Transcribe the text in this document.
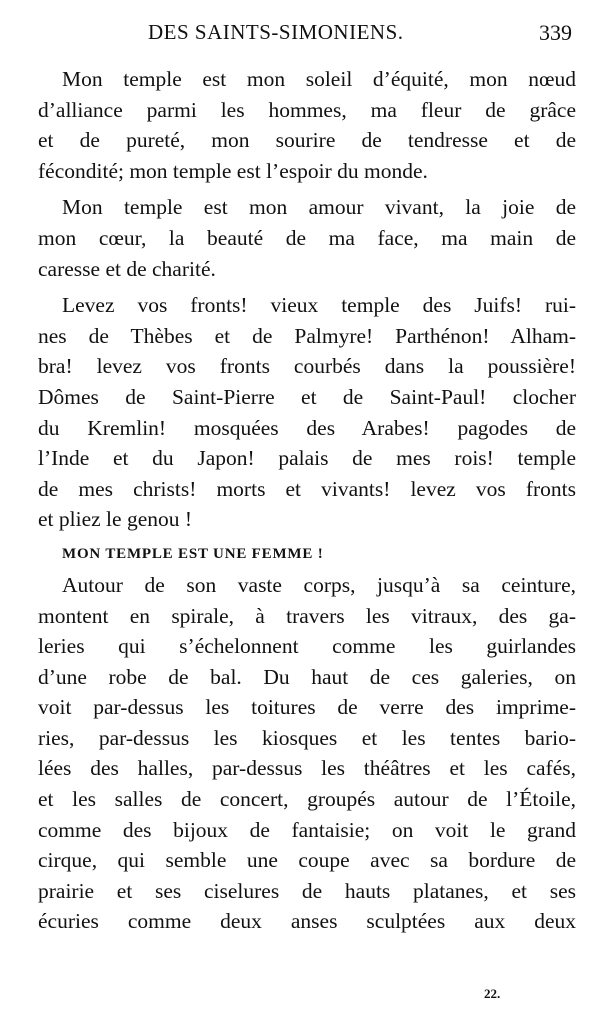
DES SAINTS-SIMONIENS.	339

Mon temple est mon soleil d’équité, mon nœud
d’alliance parmi les hommes, ma fleur de grâce
et de pureté, mon sourire de tendresse et de
fécondité; mon temple est l’espoir du monde.

Mon temple est mon amour vivant, la joie de
mon cœur, la beauté de ma face, ma main de
caresse et de charité.

Levez vos fronts! vieux temple des Juifs! rui-
nes de Thèbes et de Palmyre! Parthénon! Alham-
bra! levez vos fronts courbés dans la poussière!
Dômes de Saint-Pierre et de Saint-Paul! clocher
du Kremlin! mosquées des Arabes! pagodes de
l’Inde et du Japon! palais de mes rois! temple
de mes christs! morts et vivants! levez vos fronts
et pliez le genou !

MON TEMPLE EST UNE FEMME !

Autour de son vaste corps, jusqu’à sa ceinture,
montent en spirale, à travers les vitraux, des ga-
leries qui s’échelonnent comme les guirlandes
d’une robe de bal. Du haut de ces galeries, on
voit par-dessus les toitures de verre des imprime-
ries, par-dessus les kiosques et les tentes bario-
lées des halles, par-dessus les théâtres et les cafés,
et les salles de concert, groupés autour de l’Étoile,
comme des bijoux de fantaisie; on voit le grand
cirque, qui semble une coupe avec sa bordure de
prairie et ses ciselures de hauts platanes, et ses
écuries comme deux anses sculptées aux deux

22.
